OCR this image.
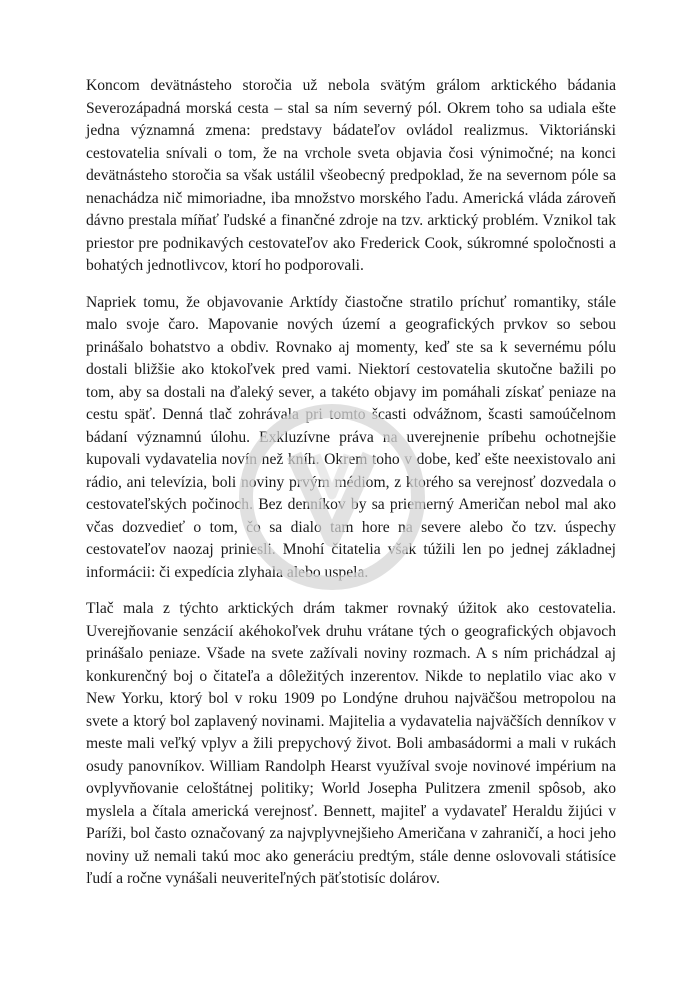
Koncom devätnásteho storočia už nebola svätým grálom arktického bádania Severozápadná morská cesta – stal sa ním severný pól. Okrem toho sa udiala ešte jedna významná zmena: predstavy bádateľov ovládol realizmus. Viktoriánski cestovatelia snívali o tom, že na vrchole sveta objavia čosi výnimočné; na konci devätnásteho storočia sa však ustálil všeobecný predpoklad, že na severnom póle sa nenachádza nič mimoriadne, iba množstvo morského ľadu. Americká vláda zároveň dávno prestala míňať ľudské a finančné zdroje na tzv. arktický problém. Vznikol tak priestor pre podnikavých cestovateľov ako Frederick Cook, súkromné spoločnosti a bohatých jednotlivcov, ktorí ho podporovali.

Napriek tomu, že objavovanie Arktídy čiastočne stratilo príchuť romantiky, stále malo svoje čaro. Mapovanie nových území a geografických prvkov so sebou prinášalo bohatstvo a obdiv. Rovnako aj momenty, keď ste sa k severnému pólu dostali bližšie ako ktokoľvek pred vami. Niektorí cestovatelia skutočne bažili po tom, aby sa dostali na ďaleký sever, a takéto objavy im pomáhali získať peniaze na cestu späť. Denná tlač zohrávala pri tomto šcasti odvážnom, šcasti samoúčelnom bádaní významnú úlohu. Exkluzívne práva na uverejnenie príbehu ochotnejšie kupovali vydavatelia novín než kníh. Okrem toho v dobe, keď ešte neexistovalo ani rádio, ani televízia, boli noviny prvým médiom, z ktorého sa verejnosť dozvedala o cestovateľských počinoch. Bez denníkov by sa priemerný Američan nebol mal ako včas dozvedieť o tom, čo sa dialo tam hore na severe alebo čo tzv. úspechy cestovateľov naozaj priniesli. Mnohí čitatelia však túžili len po jednej základnej informácii: či expedícia zlyhala alebo uspela.

Tlač mala z týchto arktických drám takmer rovnaký úžitok ako cestovatelia. Uverejňovanie senzácií akéhokoľvek druhu vrátane tých o geografických objavoch prinášalo peniaze. Všade na svete zažívali noviny rozmach. A s ním prichádzal aj konkurenčný boj o čitateľa a dôležitých inzerentov. Nikde to neplatilo viac ako v New Yorku, ktorý bol v roku 1909 po Londýne druhou najväčšou metropolou na svete a ktorý bol zaplavený novinami. Majitelia a vydavatelia najväčších denníkov v meste mali veľký vplyv a žili prepychový život. Boli ambasádormi a mali v rukách osudy panovníkov. William Randolph Hearst využíval svoje novinové impérium na ovplyvňovanie celoštátnej politiky; World Josepha Pulitzera zmenil spôsob, ako myslela a čítala americká verejnosť. Bennett, majiteľ a vydavateľ Heraldu žijúci v Paríži, bol často označovaný za najvplyvnejšieho Američana v zahraničí, a hoci jeho noviny už nemali takú moc ako generáciu predtým, stále denne oslovovali státisíce ľudí a ročne vynášali neuveriteľných päťstotisíc dolárov.
